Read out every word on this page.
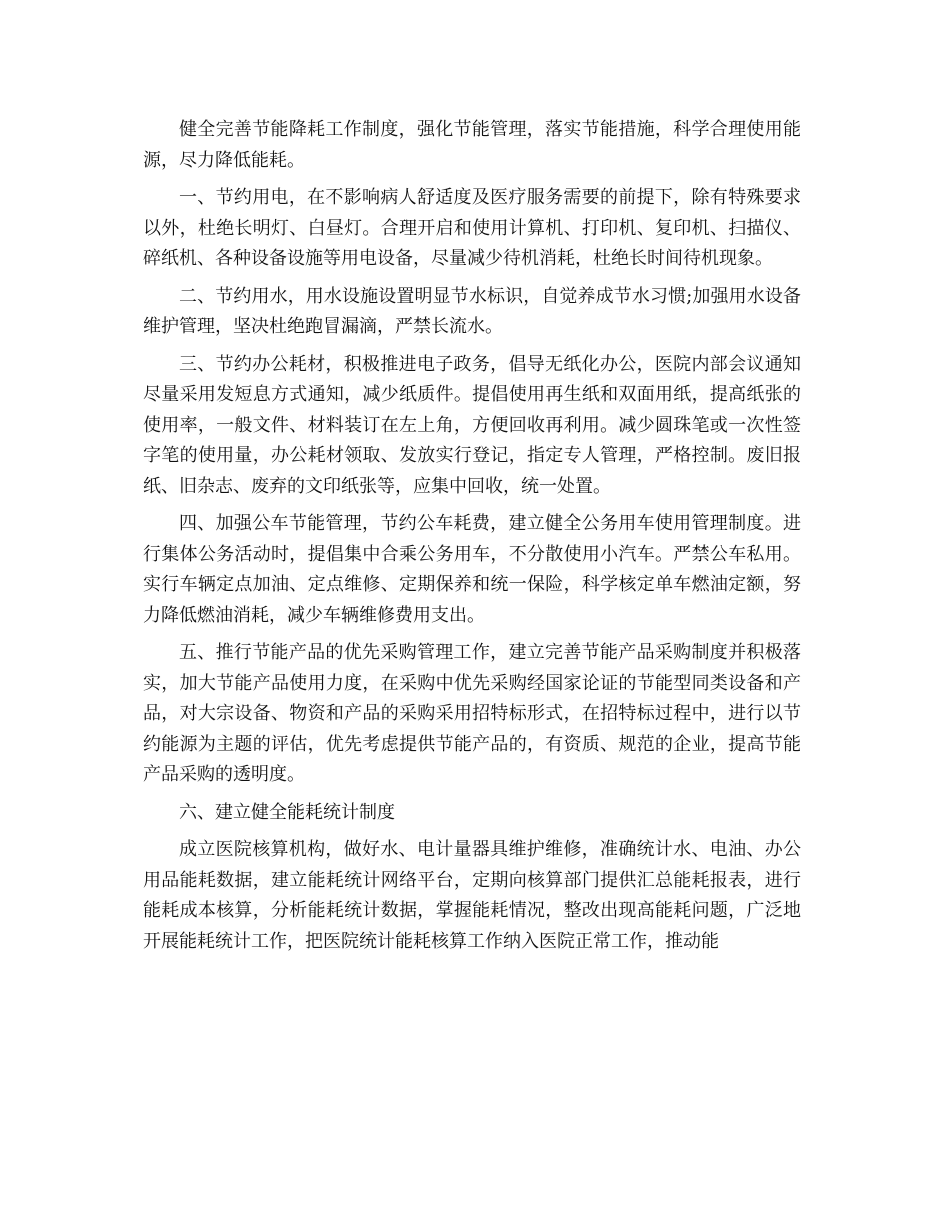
健全完善节能降耗工作制度，强化节能管理，落实节能措施，科学合理使用能源，尽力降低能耗。

一、节约用电，在不影响病人舒适度及医疗服务需要的前提下，除有特殊要求以外，杜绝长明灯、白昼灯。合理开启和使用计算机、打印机、复印机、扫描仪、碎纸机、各种设备设施等用电设备，尽量减少待机消耗，杜绝长时间待机现象。

二、节约用水，用水设施设置明显节水标识，自觉养成节水习惯;加强用水设备维护管理，坚决杜绝跑冒漏滴，严禁长流水。

三、节约办公耗材，积极推进电子政务，倡导无纸化办公，医院内部会议通知尽量采用发短息方式通知，减少纸质件。提倡使用再生纸和双面用纸，提高纸张的使用率，一般文件、材料装订在左上角，方便回收再利用。减少圆珠笔或一次性签字笔的使用量，办公耗材领取、发放实行登记，指定专人管理，严格控制。废旧报纸、旧杂志、废弃的文印纸张等，应集中回收，统一处置。

四、加强公车节能管理，节约公车耗费，建立健全公务用车使用管理制度。进行集体公务活动时，提倡集中合乘公务用车，不分散使用小汽车。严禁公车私用。实行车辆定点加油、定点维修、定期保养和统一保险，科学核定单车燃油定额，努力降低燃油消耗，减少车辆维修费用支出。

五、推行节能产品的优先采购管理工作，建立完善节能产品采购制度并积极落实，加大节能产品使用力度，在采购中优先采购经国家论证的节能型同类设备和产品，对大宗设备、物资和产品的采购采用招特标形式，在招特标过程中，进行以节约能源为主题的评估，优先考虑提供节能产品的，有资质、规范的企业，提高节能产品采购的透明度。

六、建立健全能耗统计制度

成立医院核算机构，做好水、电计量器具维护维修，准确统计水、电油、办公用品能耗数据，建立能耗统计网络平台，定期向核算部门提供汇总能耗报表，进行能耗成本核算，分析能耗统计数据，掌握能耗情况，整改出现高能耗问题，广泛地开展能耗统计工作，把医院统计能耗核算工作纳入医院正常工作，推动能
